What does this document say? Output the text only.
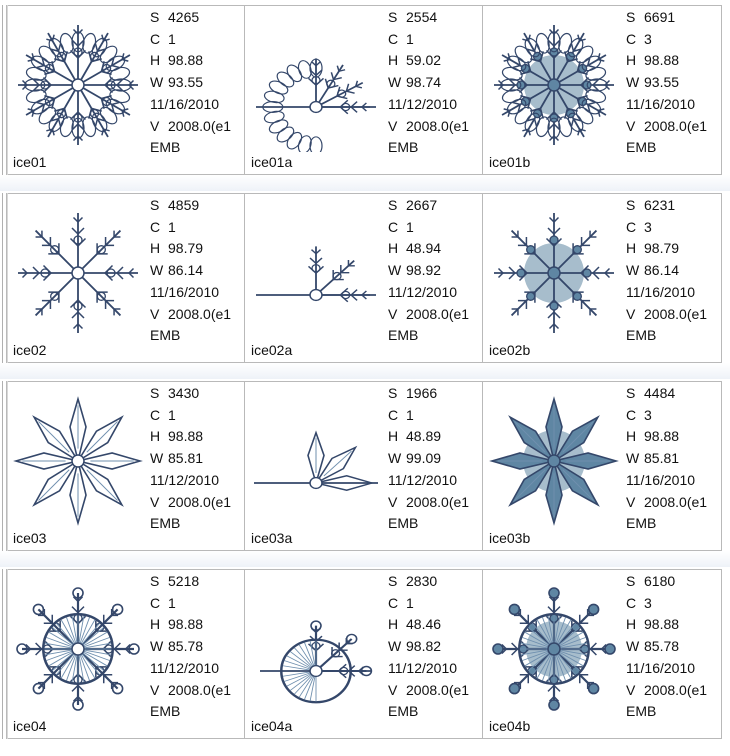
S 4265
C 1
H 98.88
W 93.55
11/16/2010
V 2008.0(e1
EMB
ice01
S 2554
C 1
H 59.02
W 98.74
11/12/2010
V 2008.0(e1
EMB
ice01a
S 6691
C 3
H 98.88
W 93.55
11/16/2010
V 2008.0(e1
EMB
ice01b
S 4859
C 1
H 98.79
W 86.14
11/16/2010
V 2008.0(e1
EMB
ice02
S 2667
C 1
H 48.94
W 98.92
11/12/2010
V 2008.0(e1
EMB
ice02a
S 6231
C 3
H 98.79
W 86.14
11/16/2010
V 2008.0(e1
EMB
ice02b
S 3430
C 1
H 98.88
W 85.81
11/12/2010
V 2008.0(e1
EMB
ice03
S 1966
C 1
H 48.89
W 99.09
11/12/2010
V 2008.0(e1
EMB
ice03a
S 4484
C 3
H 98.88
W 85.81
11/16/2010
V 2008.0(e1
EMB
ice03b
S 5218
C 1
H 98.88
W 85.78
11/12/2010
V 2008.0(e1
EMB
ice04
S 2830
C 1
H 48.46
W 98.82
11/12/2010
V 2008.0(e1
EMB
ice04a
S 6180
C 3
H 98.88
W 85.78
11/16/2010
V 2008.0(e1
EMB
ice04b
